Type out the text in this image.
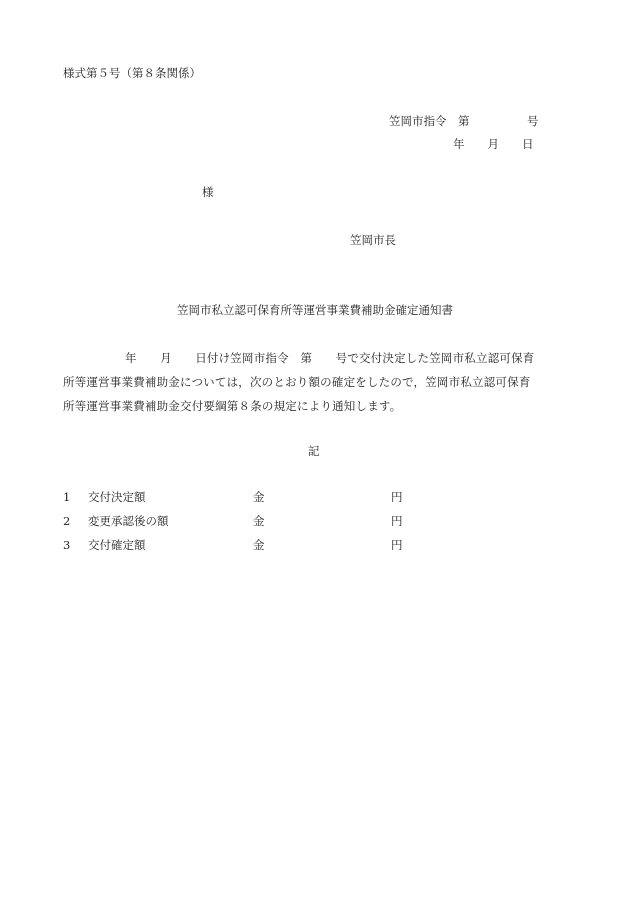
様式第５号（第８条関係）
笠岡市指令　第　　　　　号
年　　月　　日
様
笠岡市長
笠岡市私立認可保育所等運営事業費補助金確定通知書
年　　月　　日付け笠岡市指令　第　　号で交付決定した笠岡市私立認可保育
所等運営事業費補助金については，次のとおり額の確定をしたので，笠岡市私立認可保育
所等運営事業費補助金交付要綱第８条の規定により通知します。
記
1 交付決定額	金	円
2 変更承認後の額	金	円
3 交付確定額	金	円
